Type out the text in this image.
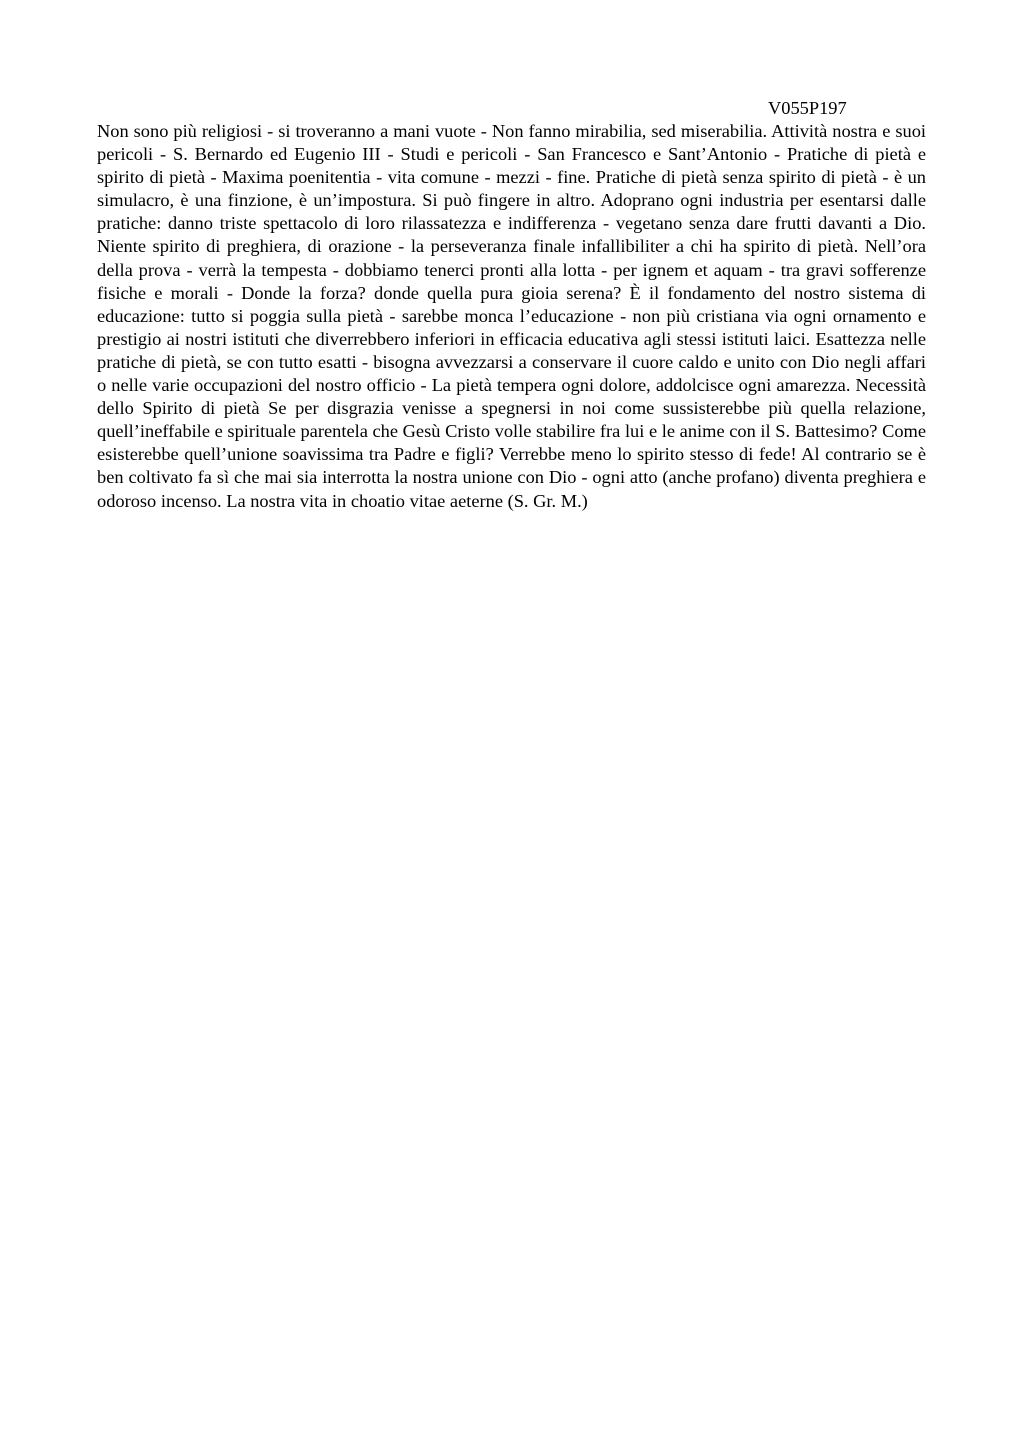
V055P197

Non sono più religiosi - si troveranno a mani vuote - Non fanno mirabilia, sed miserabilia. Attività nostra e suoi pericoli - S. Bernardo ed Eugenio III - Studi e pericoli - San Francesco e Sant’Antonio - Pratiche di pietà e spirito di pietà - Maxima poenitentia - vita comune - mezzi - fine. Pratiche di pietà senza spirito di pietà - è un simulacro, è una finzione, è un’impostura. Si può fingere in altro. Adoprano ogni industria per esentarsi dalle pratiche: danno triste spettacolo di loro rilassatezza e indifferenza - vegetano senza dare frutti davanti a Dio. Niente spirito di preghiera, di orazione - la perseveranza finale infallibiliter a chi ha spirito di pietà. Nell’ora della prova - verrà la tempesta - dobbiamo tenerci pronti alla lotta - per ignem et aquam - tra gravi sofferenze fisiche e morali - Donde la forza? donde quella pura gioia serena? È il fondamento del nostro sistema di educazione: tutto si poggia sulla pietà - sarebbe monca l’educazione - non più cristiana via ogni ornamento e prestigio ai nostri istituti che diverrebbero inferiori in efficacia educativa agli stessi istituti laici. Esattezza nelle pratiche di pietà, se con tutto esatti - bisogna avvezzarsi a conservare il cuore caldo e unito con Dio negli affari o nelle varie occupazioni del nostro officio - La pietà tempera ogni dolore, addolcisce ogni amarezza. Necessità dello Spirito di pietà Se per disgrazia venisse a spegnersi in noi come sussisterebbe più quella relazione, quell’ineffabile e spirituale parentela che Gesù Cristo volle stabilire fra lui e le anime con il S. Battesimo? Come esisterebbe quell’unione soavissima tra Padre e figli? Verrebbe meno lo spirito stesso di fede! Al contrario se è ben coltivato fa sì che mai sia interrotta la nostra unione con Dio - ogni atto (anche profano) diventa preghiera e odoroso incenso. La nostra vita in choatio vitae aeterne (S. Gr. M.)
